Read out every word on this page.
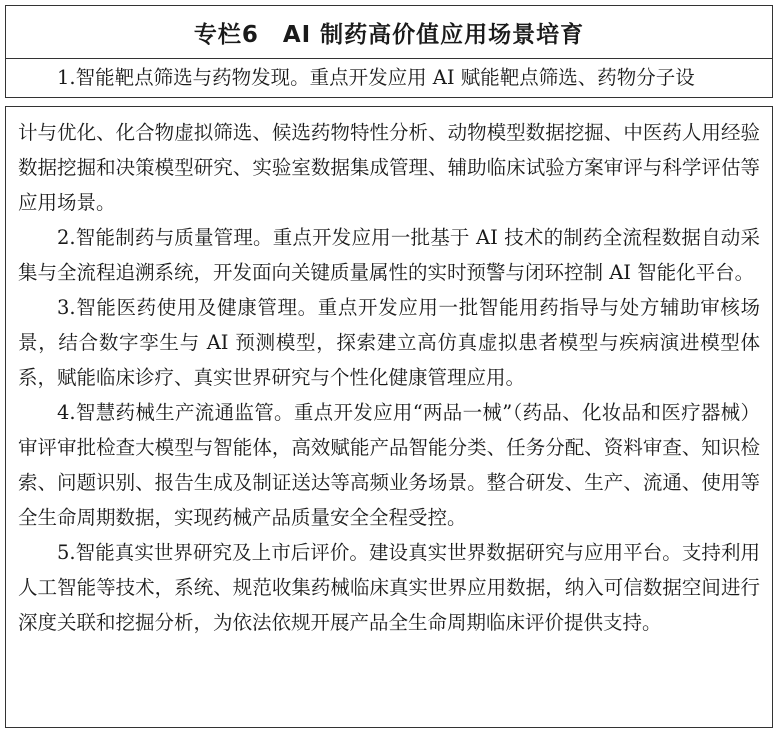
专栏6　AI 制药高价值应用场景培育

1.智能靶点筛选与药物发现。重点开发应用 AI 赋能靶点筛选、药物分子设

计与优化、化合物虚拟筛选、候选药物特性分析、动物模型数据挖掘、中医药人用经验数据挖掘和决策模型研究、实验室数据集成管理、辅助临床试验方案审评与科学评估等应用场景。

2.智能制药与质量管理。重点开发应用一批基于 AI 技术的制药全流程数据自动采集与全流程追溯系统，开发面向关键质量属性的实时预警与闭环控制 AI 智能化平台。

3.智能医药使用及健康管理。重点开发应用一批智能用药指导与处方辅助审核场景，结合数字孪生与 AI 预测模型，探索建立高仿真虚拟患者模型与疾病演进模型体系，赋能临床诊疗、真实世界研究与个性化健康管理应用。

4.智慧药械生产流通监管。重点开发应用“两品一械”（药品、化妆品和医疗器械）审评审批检查大模型与智能体，高效赋能产品智能分类、任务分配、资料审查、知识检索、问题识别、报告生成及制证送达等高频业务场景。整合研发、生产、流通、使用等全生命周期数据，实现药械产品质量安全全程受控。

5.智能真实世界研究及上市后评价。建设真实世界数据研究与应用平台。支持利用人工智能等技术，系统、规范收集药械临床真实世界应用数据，纳入可信数据空间进行深度关联和挖掘分析，为依法依规开展产品全生命周期临床评价提供支持。
